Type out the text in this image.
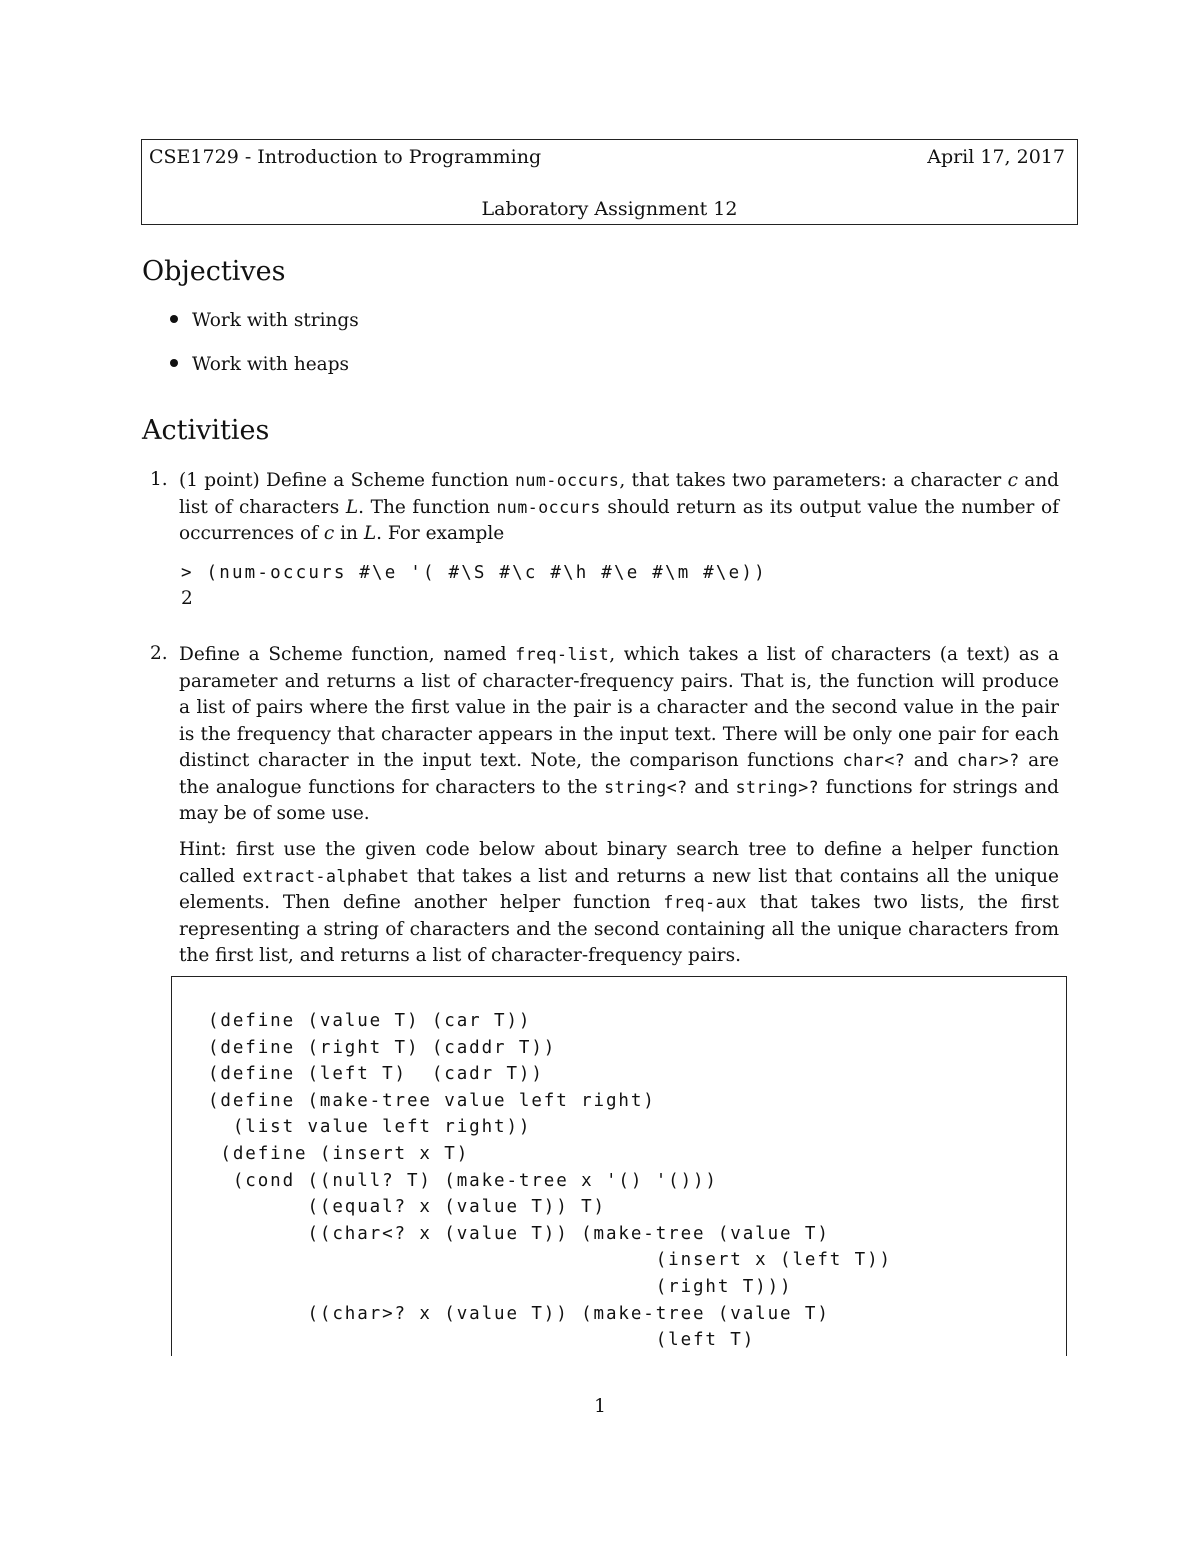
CSE1729 - Introduction to Programming	April 17, 2017
Laboratory Assignment 12
Objectives
Work with strings
Work with heaps
Activities
1. (1 point) Define a Scheme function num-occurs, that takes two parameters: a character c and list of characters L. The function num-occurs should return as its output value the number of occurrences of c in L. For example
> (num-occurs #\e '( #\S #\c #\h #\e #\m #\e))
2
2. Define a Scheme function, named freq-list, which takes a list of characters (a text) as a parameter and returns a list of character-frequency pairs. That is, the function will produce a list of pairs where the first value in the pair is a character and the second value in the pair is the frequency that character appears in the input text. There will be only one pair for each distinct character in the input text. Note, the comparison functions char<? and char>? are the analogue functions for characters to the string<? and string>? functions for strings and may be of some use.
Hint: first use the given code below about binary search tree to define a helper function called extract-alphabet that takes a list and returns a new list that contains all the unique elements. Then define another helper function freq-aux that takes two lists, the first representing a string of characters and the second containing all the unique characters from the first list, and returns a list of character-frequency pairs.
(define (value T) (car T))
(define (right T) (caddr T))
(define (left T)  (cadr T))
(define (make-tree value left right)
(list value left right))
(define (insert x T)
(cond ((null? T) (make-tree x '() '()))
((equal? x (value T)) T)
((char<? x (value T)) (make-tree (value T)
(insert x (left T))
(right T)))
((char>? x (value T)) (make-tree (value T)
(left T)
1
